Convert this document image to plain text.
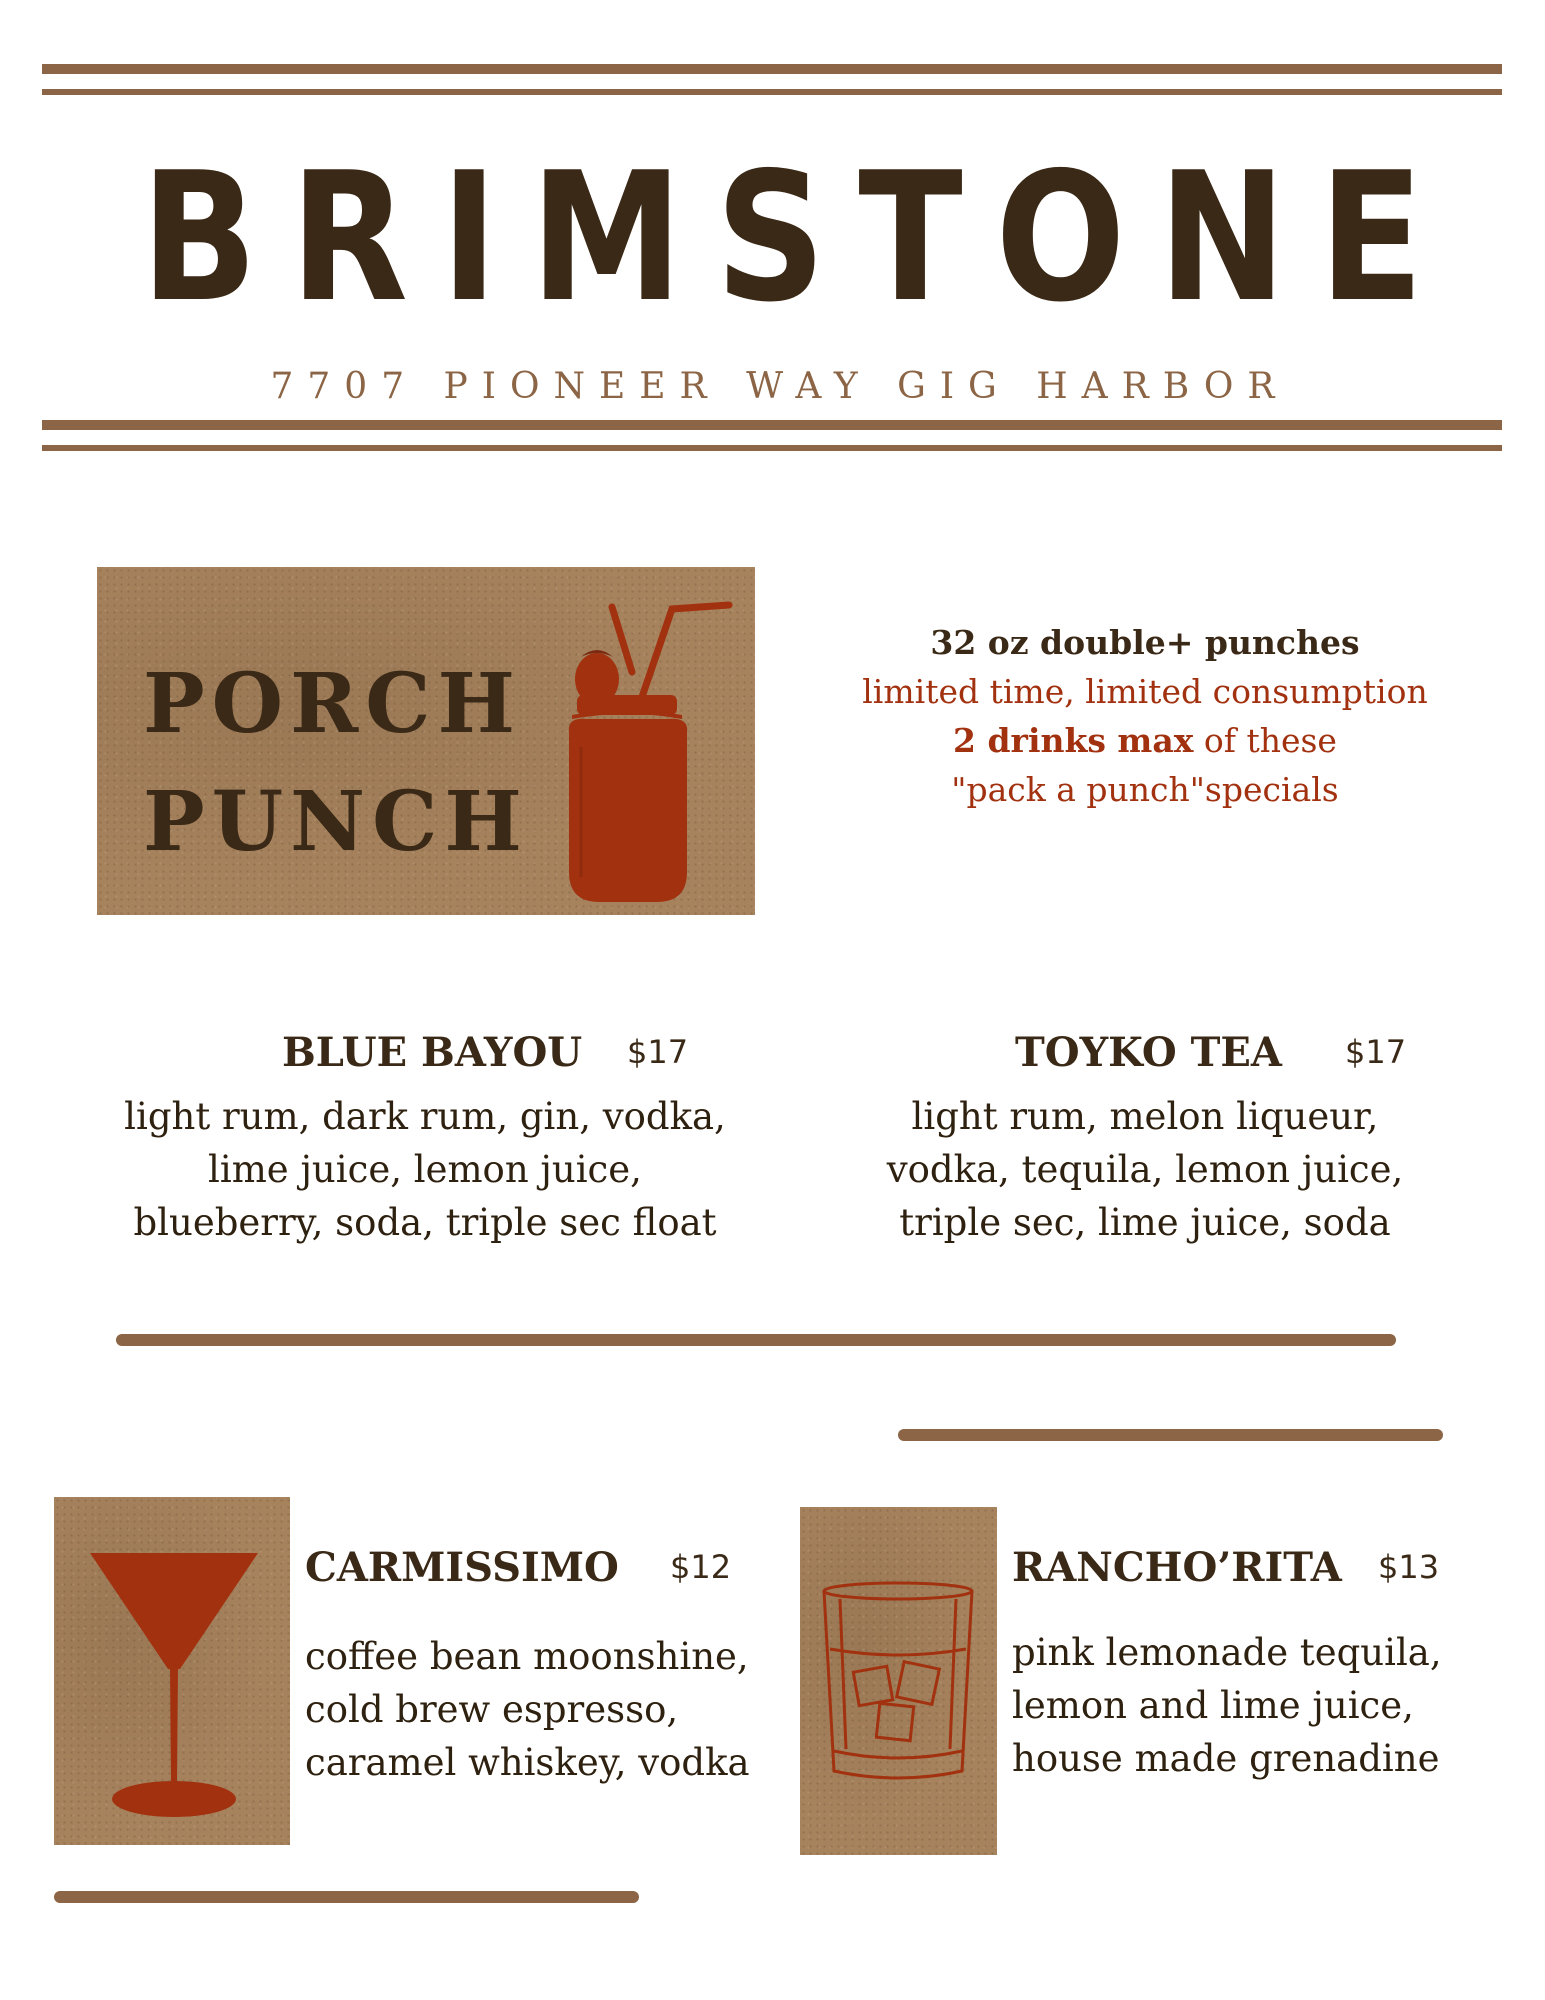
BRIMSTONE
7707 PIONEER WAY GIG HARBOR
PORCH
PUNCH
32 oz double+ punches
limited time, limited consumption
2 drinks max of these
"pack a punch"specials
BLUE BAYOU $17
light rum, dark rum, gin, vodka,
lime juice, lemon juice,
blueberry, soda, triple sec float
TOYKO TEA $17
light rum, melon liqueur,
vodka, tequila, lemon juice,
triple sec, lime juice, soda
CARMISSIMO $12
coffee bean moonshine,
cold brew espresso,
caramel whiskey, vodka
RANCHO’RITA $13
pink lemonade tequila,
lemon and lime juice,
house made grenadine
